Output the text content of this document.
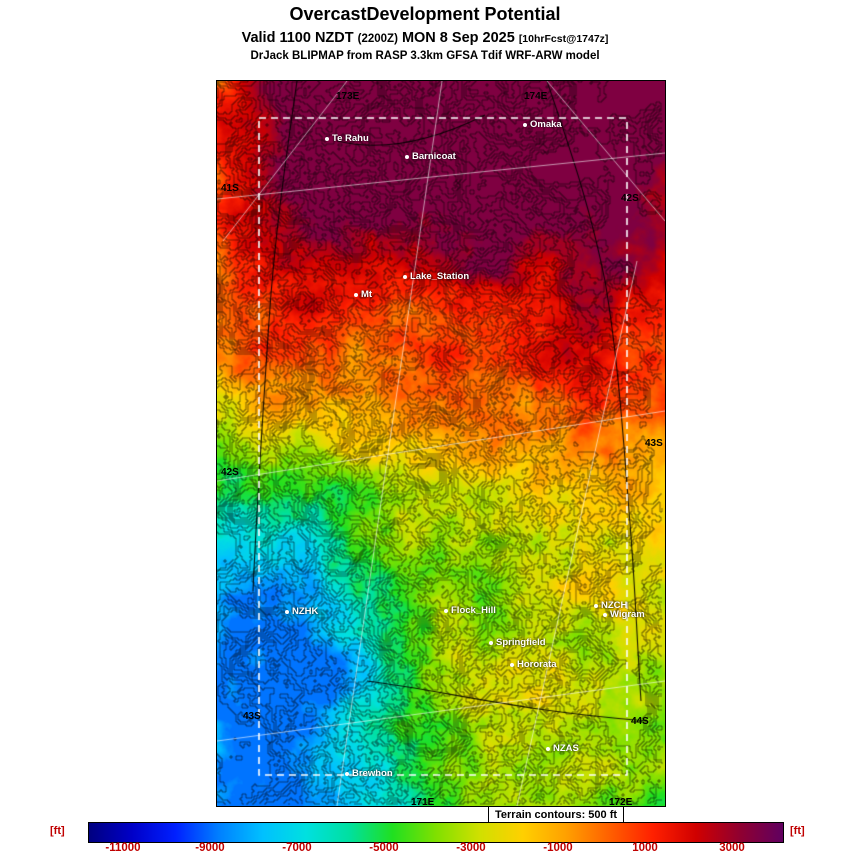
OvercastDevelopment Potential
Valid 1100 NZDT (2200Z) MON 8 Sep 2025 [10hrFcst@1747z]
DrJack BLIPMAP from RASP 3.3km GFSA Tdif WRF-ARW model
173E	174E
41S
42S
42S
43S
43S	44S
171E	172E
Omaka
Te Rahu
Barnicoat
Lake_Station
Mt
NZHK	Flock_Hill	NZCH
Wigram
Springfield
Hororata
NZAS
Brewhon
Terrain contours: 500 ft
[ft]	[ft]
-11000	-9000	-7000	-5000	-3000	-1000	1000	3000
